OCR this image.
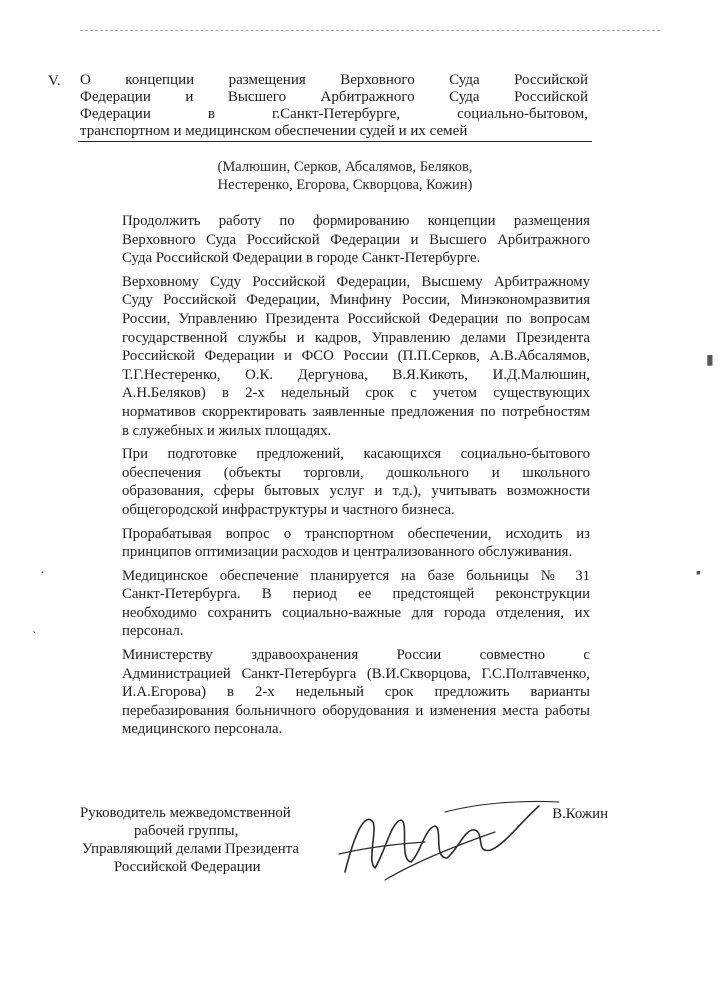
V. О концепции размещения Верховного Суда Российской
Федерации и Высшего Арбитражного Суда Российской
Федерации в г.Санкт-Петербурге, социально-бытовом,
транспортном и медицинском обеспечении судей и их семей
(Малюшин, Серков, Абсалямов, Беляков,
Нестеренко, Егорова, Скворцова, Кожин)

Продолжить работу по формированию концепции размещения
Верховного Суда Российской Федерации и Высшего Арбитражного
Суда Российской Федерации в городе Санкт-Петербурге.

Верховному Суду Российской Федерации, Высшему Арбитражному
Суду Российской Федерации, Минфину России, Минэкономразвития
России, Управлению Президента Российской Федерации по вопросам
государственной службы и кадров, Управлению делами Президента
Российской Федерации и ФСО России (П.П.Серков, А.В.Абсалямов,
Т.Г.Нестеренко, О.К. Дергунова, В.Я.Кикоть, И.Д.Малюшин,
А.Н.Беляков) в 2-х недельный срок с учетом существующих
нормативов скорректировать заявленные предложения по потребностям
в служебных и жилых площадях.

При подготовке предложений, касающихся социально-бытового
обеспечения (объекты торговли, дошкольного и школьного
образования, сферы бытовых услуг и т.д.), учитывать возможности
общегородской инфраструктуры и частного бизнеса.

Прорабатывая вопрос о транспортном обеспечении, исходить из
принципов оптимизации расходов и централизованного обслуживания.

Медицинское обеспечение планируется на базе больницы № 31
Санкт-Петербурга. В период ее предстоящей реконструкции
необходимо сохранить социально-важные для города отделения, их
персонал.

Министерству здравоохранения России совместно с
Администрацией Санкт-Петербурга (В.И.Скворцова, Г.С.Полтавченко,
И.А.Егорова) в 2-х недельный срок предложить варианты
перебазирования больничного оборудования и изменения места работы
медицинского персонала.

Руководитель межведомственной
рабочей группы,
Управляющий делами Президента
Российской Федерации
В.Кожин
·
ˋ
▮
▪
